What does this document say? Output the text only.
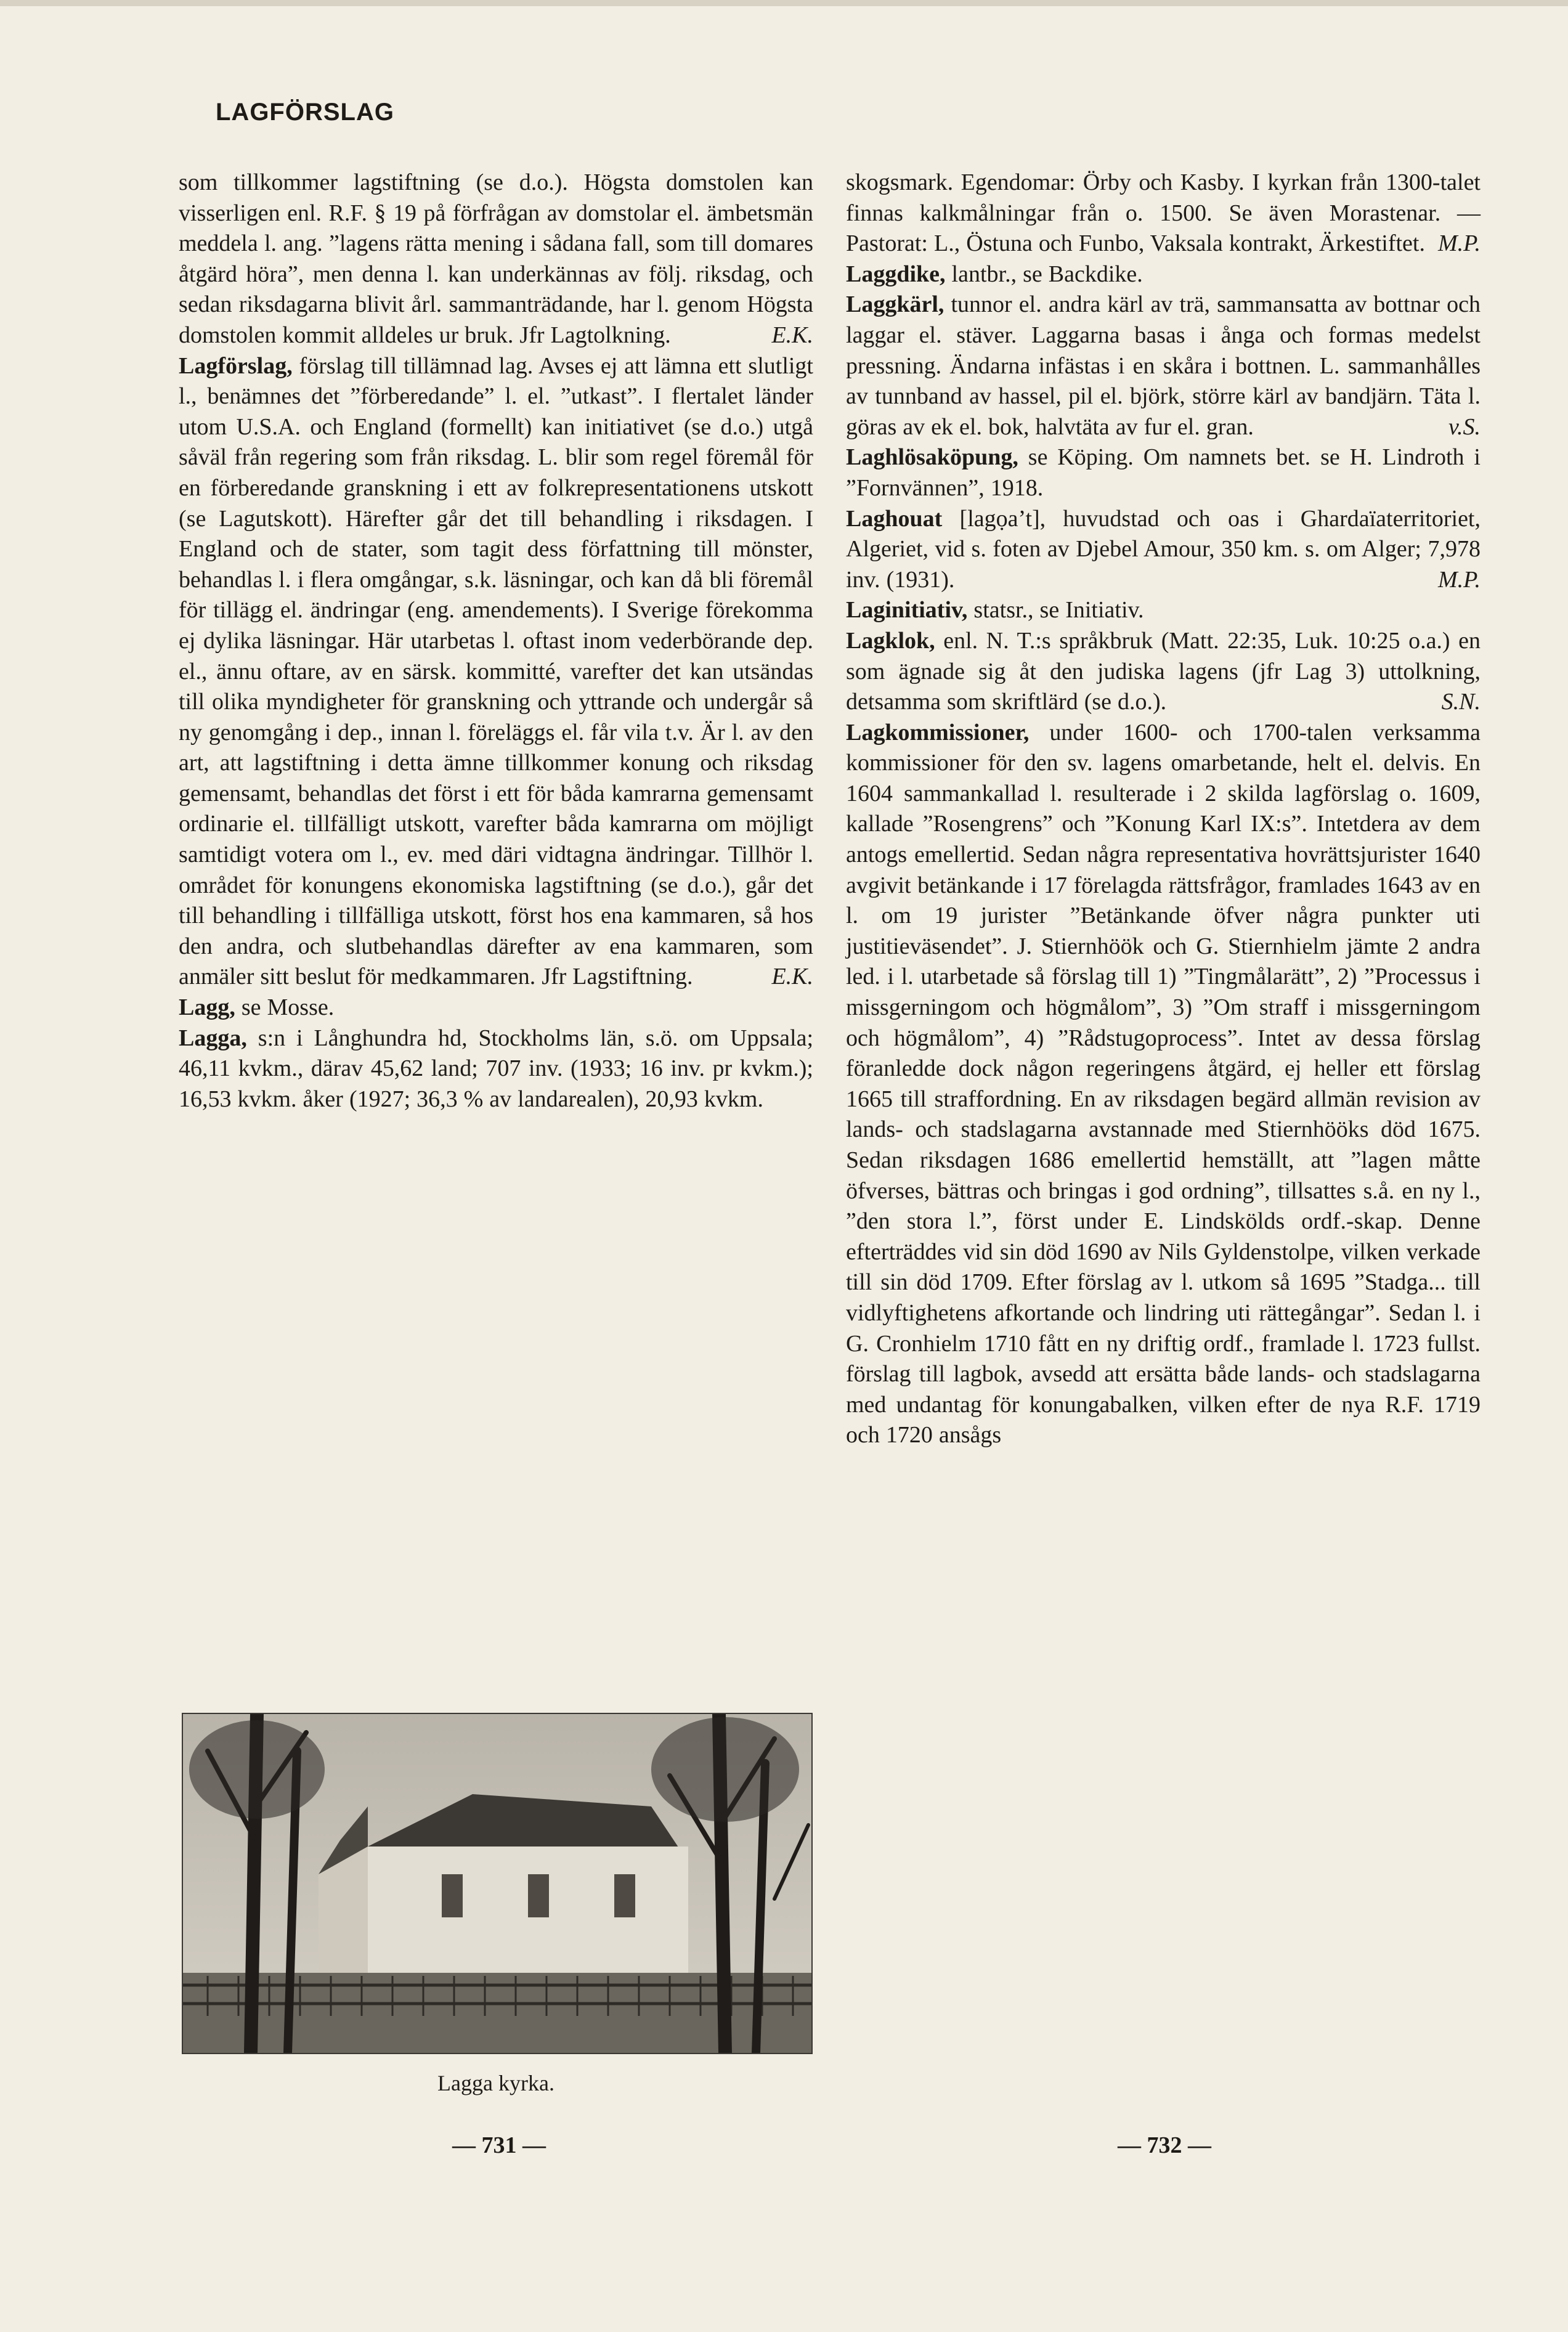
LAGFÖRSLAG

som tillkommer lagstiftning (se d.o.). Högsta domstolen kan visserligen enl. R.F. § 19 på förfrågan av domstolar el. ämbetsmän meddela l. ang. ”lagens rätta mening i sådana fall, som till domares åtgärd höra”, men denna l. kan underkännas av följ. riksdag, och sedan riksdagarna blivit årl. sammanträdande, har l. genom Högsta domstolen kommit alldeles ur bruk. Jfr Lagtolkning.	E.K.

Lagförslag, förslag till tillämnad lag. Avses ej att lämna ett slutligt l., benämnes det ”förberedande” l. el. ”utkast”. I flertalet länder utom U.S.A. och England (formellt) kan initiativet (se d.o.) utgå såväl från regering som från riksdag. L. blir som regel föremål för en förberedande granskning i ett av folkrepresentationens utskott (se Lagutskott). Härefter går det till behandling i riksdagen. I England och de stater, som tagit dess författning till mönster, behandlas l. i flera omgångar, s.k. läsningar, och kan då bli föremål för tillägg el. ändringar (eng. amendements). I Sverige förekomma ej dylika läsningar. Här utarbetas l. oftast inom vederbörande dep. el., ännu oftare, av en särsk. kommitté, varefter det kan utsändas till olika myndigheter för granskning och yttrande och undergår så ny genomgång i dep., innan l. föreläggs el. får vila t.v. Är l. av den art, att lagstiftning i detta ämne tillkommer konung och riksdag gemensamt, behandlas det först i ett för båda kamrarna gemensamt ordinarie el. tillfälligt utskott, varefter båda kamrarna om möjligt samtidigt votera om l., ev. med däri vidtagna ändringar. Tillhör l. området för konungens ekonomiska lagstiftning (se d.o.), går det till behandling i tillfälliga utskott, först hos ena kammaren, så hos den andra, och slutbehandlas därefter av ena kammaren, som anmäler sitt beslut för medkammaren. Jfr Lagstiftning.	E.K.

Lagg, se Mosse.

Lagga, s:n i Långhundra hd, Stockholms län, s.ö. om Uppsala; 46,11 kvkm., därav 45,62 land; 707 inv. (1933; 16 inv. pr kvkm.); 16,53 kvkm. åker (1927; 36,3 % av landarealen), 20,93 kvkm.

skogsmark. Egendomar: Örby och Kasby. I kyrkan från 1300-talet finnas kalkmålningar från o. 1500. Se även Morastenar. — Pastorat: L., Östuna och Funbo, Vaksala kontrakt, Ärkestiftet. M.P.

Laggdike, lantbr., se Backdike.

Laggkärl, tunnor el. andra kärl av trä, sammansatta av bottnar och laggar el. stäver. Laggarna basas i ånga och formas medelst pressning. Ändarna infästas i en skåra i bottnen. L. sammanhålles av tunnband av hassel, pil el. björk, större kärl av bandjärn. Täta l. göras av ek el. bok, halvtäta av fur el. gran.	v.S.

Laghlösaköpung, se Köping. Om namnets bet. se H. Lindroth i ”Fornvännen”, 1918.

Laghouat [lagọa’t], huvudstad och oas i Ghardaïaterritoriet, Algeriet, vid s. foten av Djebel Amour, 350 km. s. om Alger; 7,978 inv. (1931).	M.P.

Laginitiativ, statsr., se Initiativ.

Lagklok, enl. N. T.:s språkbruk (Matt. 22:35, Luk. 10:25 o.a.) en som ägnade sig åt den judiska lagens (jfr Lag 3) uttolkning, detsamma som skriftlärd (se d.o.).	S.N.

Lagkommissioner, under 1600- och 1700-talen verksamma kommissioner för den sv. lagens omarbetande, helt el. delvis. En 1604 sammankallad l. resulterade i 2 skilda lagförslag o. 1609, kallade ”Rosengrens” och ”Konung Karl IX:s”. Intetdera av dem antogs emellertid. Sedan några representativa hovrättsjurister 1640 avgivit betänkande i 17 förelagda rättsfrågor, framlades 1643 av en l. om 19 jurister ”Betänkande öfver några punkter uti justitieväsendet”. J. Stiernhöök och G. Stiernhielm jämte 2 andra led. i l. utarbetade så förslag till 1) ”Tingmålarätt”, 2) ”Processus i missgerningom och högmålom”, 3) ”Om straff i missgerningom och högmålom”, 4) ”Rådstugoprocess”. Intet av dessa förslag föranledde dock någon regeringens åtgärd, ej heller ett förslag 1665 till straffordning. En av riksdagen begärd allmän revision av lands- och stadslagarna avstannade med Stiernhööks död 1675. Sedan riksdagen 1686 emellertid hemställt, att ”lagen måtte öfverses, bättras och bringas i god ordning”, tillsattes s.å. en ny l., ”den stora l.”, först under E. Lindskölds ordf.-skap. Denne efterträddes vid sin död 1690 av Nils Gyldenstolpe, vilken verkade till sin död 1709. Efter förslag av l. utkom så 1695 ”Stadga... till vidlyftighetens afkortande och lindring uti rättegångar”. Sedan l. i G. Cronhielm 1710 fått en ny driftig ordf., framlade l. 1723 fullst. förslag till lagbok, avsedd att ersätta både lands- och stadslagarna med undantag för konungabalken, vilken efter de nya R.F. 1719 och 1720 ansågs

Lagga kyrka.
— 731 —	— 732 —
